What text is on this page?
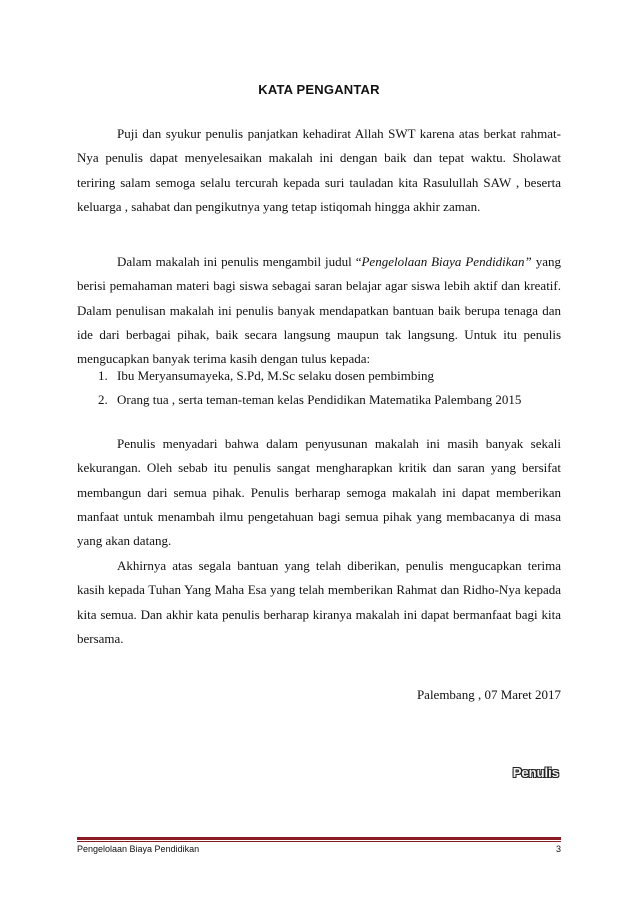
KATA PENGANTAR

Puji dan syukur penulis panjatkan kehadirat Allah SWT karena atas berkat rahmat-Nya penulis dapat menyelesaikan makalah ini dengan baik dan tepat waktu. Sholawat teriring salam semoga selalu tercurah kepada suri tauladan kita Rasulullah SAW , beserta keluarga , sahabat dan pengikutnya yang tetap istiqomah hingga akhir zaman.

Dalam makalah ini penulis mengambil judul “Pengelolaan Biaya Pendidikan” yang berisi pemahaman materi bagi siswa sebagai saran belajar agar siswa lebih aktif dan kreatif. Dalam penulisan makalah ini penulis banyak mendapatkan bantuan baik berupa tenaga dan ide dari berbagai pihak, baik secara langsung maupun tak langsung. Untuk itu penulis mengucapkan banyak terima kasih dengan tulus kepada:

1. Ibu Meryansumayeka, S.Pd, M.Sc selaku dosen pembimbing
2. Orang tua , serta teman-teman kelas Pendidikan Matematika Palembang 2015

Penulis menyadari bahwa dalam penyusunan makalah ini masih banyak sekali kekurangan. Oleh sebab itu penulis sangat mengharapkan kritik dan saran yang bersifat membangun dari semua pihak. Penulis berharap semoga makalah ini dapat memberikan manfaat untuk menambah ilmu pengetahuan bagi semua pihak yang membacanya di masa yang akan datang.

Akhirnya atas segala bantuan yang telah diberikan, penulis mengucapkan terima kasih kepada Tuhan Yang Maha Esa yang telah memberikan Rahmat dan Ridho-Nya kepada kita semua. Dan akhir kata penulis berharap kiranya makalah ini dapat bermanfaat bagi kita bersama.

Palembang , 07 Maret 2017
Penulis
Pengelolaan Biaya Pendidikan	3
